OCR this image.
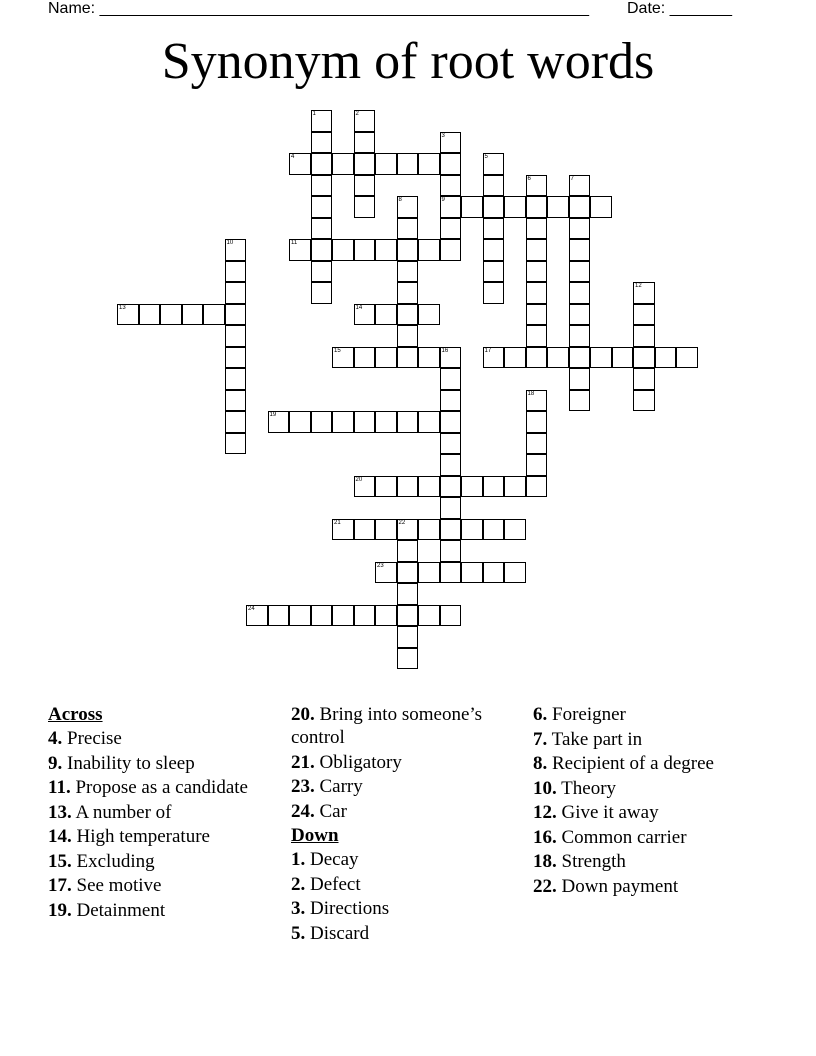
Name: _______________________________________________________ Date: _______
Synonym of root words
1	2
3
9
4	5
6	7
8
10	11
12
13	14
15	16	17
18
19
20
21	22
23
24
Across
4. Precise
9. Inability to sleep
11. Propose as a candidate
13. A number of
14. High temperature
15. Excluding
17. See motive
19. Detainment
20. Bring into someone’s control
21. Obligatory
23. Carry
24. Car
Down
1. Decay
2. Defect
3. Directions
5. Discard
6. Foreigner
7. Take part in
8. Recipient of a degree
10. Theory
12. Give it away
16. Common carrier
18. Strength
22. Down payment
